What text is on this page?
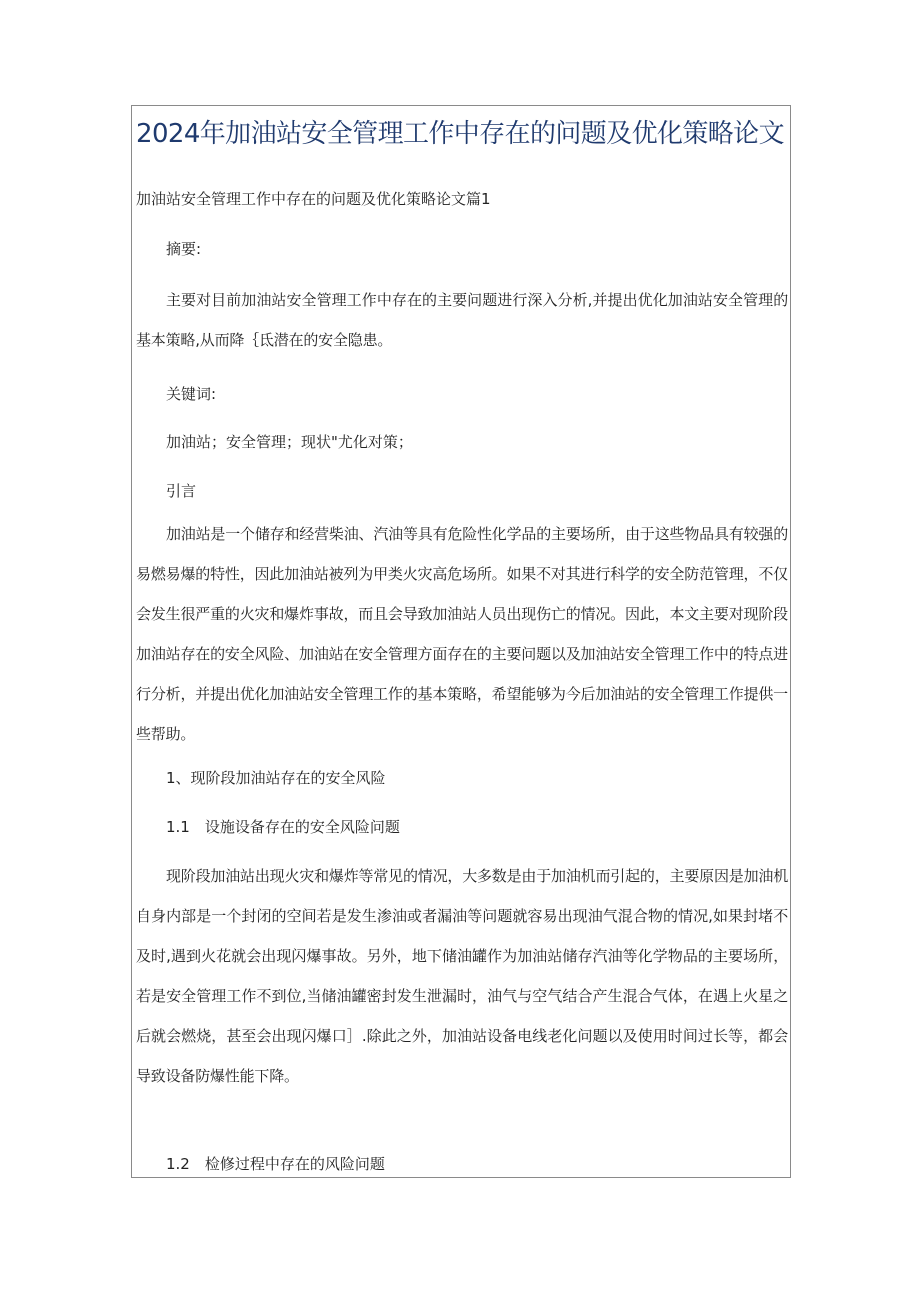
2024年加油站安全管理工作中存在的问题及优化策略论文
加油站安全管理工作中存在的问题及优化策略论文篇1
摘要:

主要对目前加油站安全管理工作中存在的主要问题进行深入分析,并提出优化加油站安全管理的基本策略,从而降｛氐潜在的安全隐患。

关键词:
加油站；安全管理；现状"尤化对策；
引言

加油站是一个储存和经营柴油、汽油等具有危险性化学品的主要场所，由于这些物品具有较强的易燃易爆的特性，因此加油站被列为甲类火灾高危场所。如果不对其进行科学的安全防范管理，不仅会发生很严重的火灾和爆炸事故，而且会导致加油站人员出现伤亡的情况。因此，本文主要对现阶段加油站存在的安全风险、加油站在安全管理方面存在的主要问题以及加油站安全管理工作中的特点进行分析，并提出优化加油站安全管理工作的基本策略，希望能够为今后加油站的安全管理工作提供一些帮助。

1、现阶段加油站存在的安全风险
1.1　设施设备存在的安全风险问题

现阶段加油站出现火灾和爆炸等常见的情况，大多数是由于加油机而引起的，主要原因是加油机自身内部是一个封闭的空间若是发生渗油或者漏油等问题就容易出现油气混合物的情况,如果封堵不及时,遇到火花就会出现闪爆事故。另外，地下储油罐作为加油站储存汽油等化学物品的主要场所，若是安全管理工作不到位,当储油罐密封发生泄漏时，油气与空气结合产生混合气体，在遇上火星之后就会燃烧，甚至会出现闪爆口］.除此之外，加油站设备电线老化问题以及使用时间过长等，都会导致设备防爆性能下降。

1.2　检修过程中存在的风险问题
